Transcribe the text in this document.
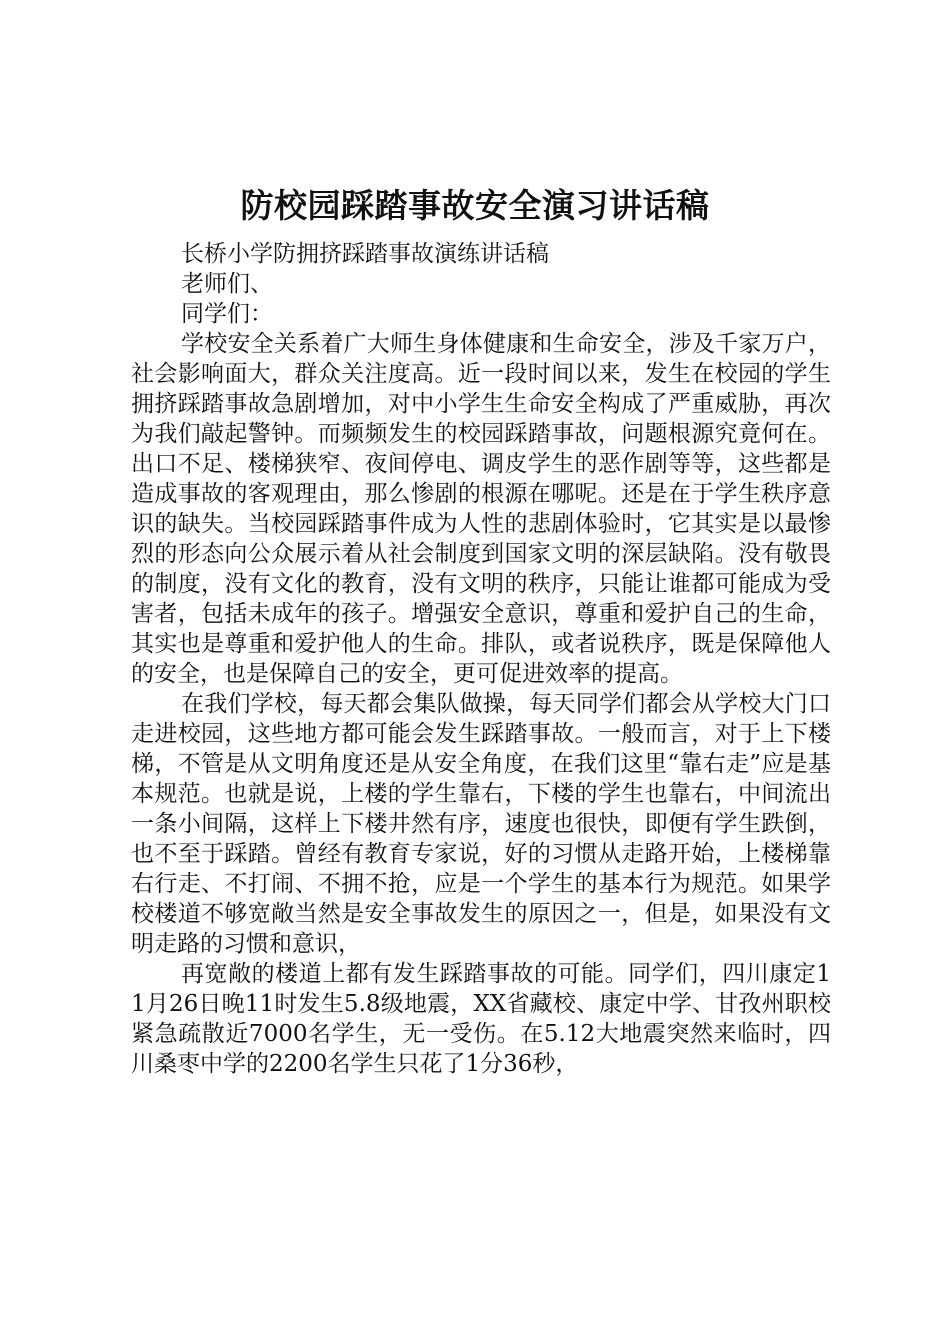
防校园踩踏事故安全演习讲话稿

长桥小学防拥挤踩踏事故演练讲话稿

老师们、

同学们：

学校安全关系着广大师生身体健康和生命安全，涉及千家万户，社会影响面大，群众关注度高。近一段时间以来，发生在校园的学生拥挤踩踏事故急剧增加，对中小学生生命安全构成了严重威胁，再次为我们敲起警钟。而频频发生的校园踩踏事故，问题根源究竟何在。出口不足、楼梯狭窄、夜间停电、调皮学生的恶作剧等等，这些都是造成事故的客观理由，那么惨剧的根源在哪呢。还是在于学生秩序意识的缺失。当校园踩踏事件成为人性的悲剧体验时，它其实是以最惨烈的形态向公众展示着从社会制度到国家文明的深层缺陷。没有敬畏的制度，没有文化的教育，没有文明的秩序，只能让谁都可能成为受害者，包括未成年的孩子。增强安全意识，尊重和爱护自己的生命，其实也是尊重和爱护他人的生命。排队，或者说秩序，既是保障他人的安全，也是保障自己的安全，更可促进效率的提高。

在我们学校，每天都会集队做操，每天同学们都会从学校大门口走进校园，这些地方都可能会发生踩踏事故。一般而言，对于上下楼梯，不管是从文明角度还是从安全角度，在我们这里“靠右走”应是基本规范。也就是说，上楼的学生靠右，下楼的学生也靠右，中间流出一条小间隔，这样上下楼井然有序，速度也很快，即便有学生跌倒，也不至于踩踏。曾经有教育专家说，好的习惯从走路开始，上楼梯靠右行走、不打闹、不拥不抢，应是一个学生的基本行为规范。如果学校楼道不够宽敞当然是安全事故发生的原因之一，但是，如果没有文明走路的习惯和意识，

再宽敞的楼道上都有发生踩踏事故的可能。同学们，四川康定11月26日晚11时发生5.8级地震，XX省藏校、康定中学、甘孜州职校紧急疏散近7000名学生，无一受伤。在5.12大地震突然来临时，四川桑枣中学的2200名学生只花了1分36秒，
